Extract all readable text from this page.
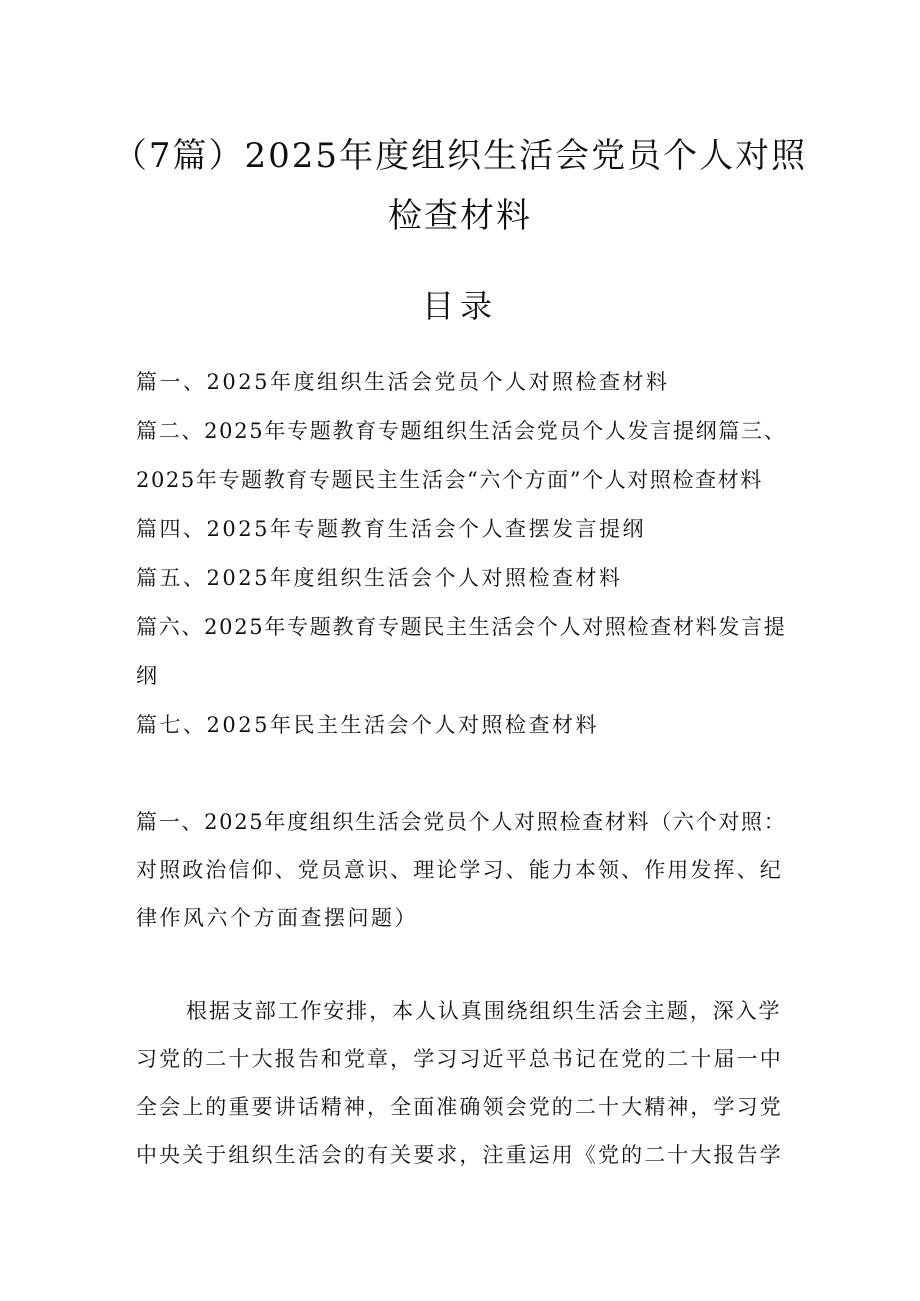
（7篇）2025年度组织生活会党员个人对照
检查材料
目录
篇一、2025年度组织生活会党员个人对照检查材料
篇二、2025年专题教育专题组织生活会党员个人发言提纲篇三、
2025年专题教育专题民主生活会“六个方面”个人对照检查材料
篇四、2025年专题教育生活会个人查摆发言提纲
篇五、2025年度组织生活会个人对照检查材料
篇六、2025年专题教育专题民主生活会个人对照检查材料发言提
纲
篇七、2025年民主生活会个人对照检查材料
篇一、2025年度组织生活会党员个人对照检查材料（六个对照：
对照政治信仰、党员意识、理论学习、能力本领、作用发挥、纪
律作风六个方面查摆问题）
根据支部工作安排，本人认真围绕组织生活会主题，深入学
习党的二十大报告和党章，学习习近平总书记在党的二十届一中
全会上的重要讲话精神，全面准确领会党的二十大精神，学习党
中央关于组织生活会的有关要求，注重运用《党的二十大报告学
